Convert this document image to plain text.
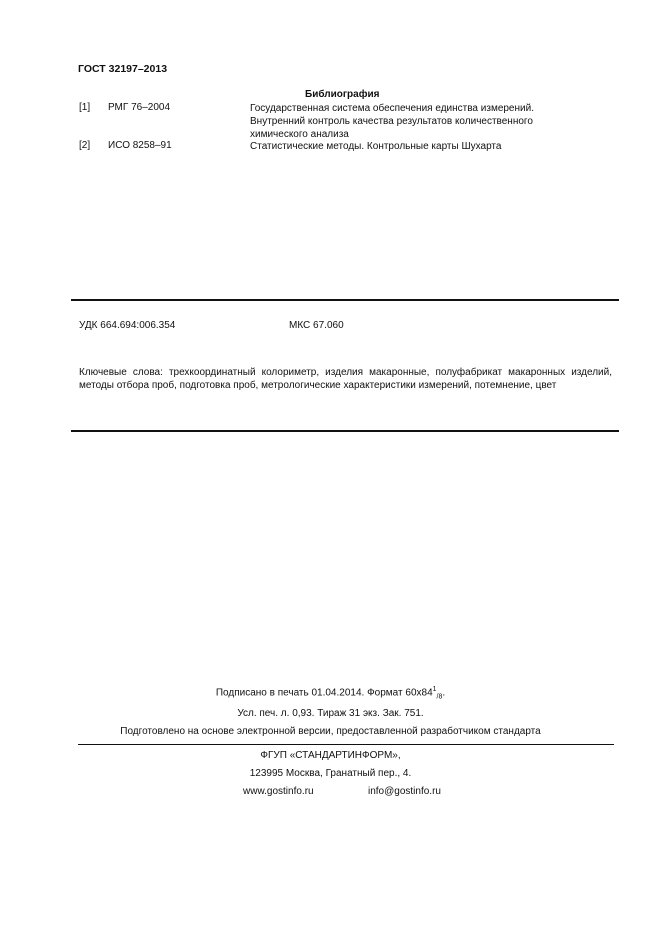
ГОСТ 32197–2013
Библиография
[1] РМГ 76–2004	Государственная система обеспечения единства измерений.
Внутренний контроль качества результатов количественного
химического анализа
[2] ИСО 8258–91	Статистические методы. Контрольные карты Шухарта
УДК 664.694:006.354	МКС 67.060
Ключевые слова: трехкоординатный колориметр, изделия макаронные, полуфабрикат макаронных изделий, методы отбора проб, подготовка проб, метрологические характеристики измерений, потемнение, цвет
Подписано в печать 01.04.2014. Формат $60x84^1_{/8}$.
Усл. печ. л. 0,93. Тираж 31 экз. Зак. 751.
Подготовлено на основе электронной версии, предоставленной разработчиком стандарта
ФГУП «СТАНДАРТИНФОРМ»,
123995 Москва, Гранатный пер., 4.
www.gostinfo.ru	info@gostinfo.ru
